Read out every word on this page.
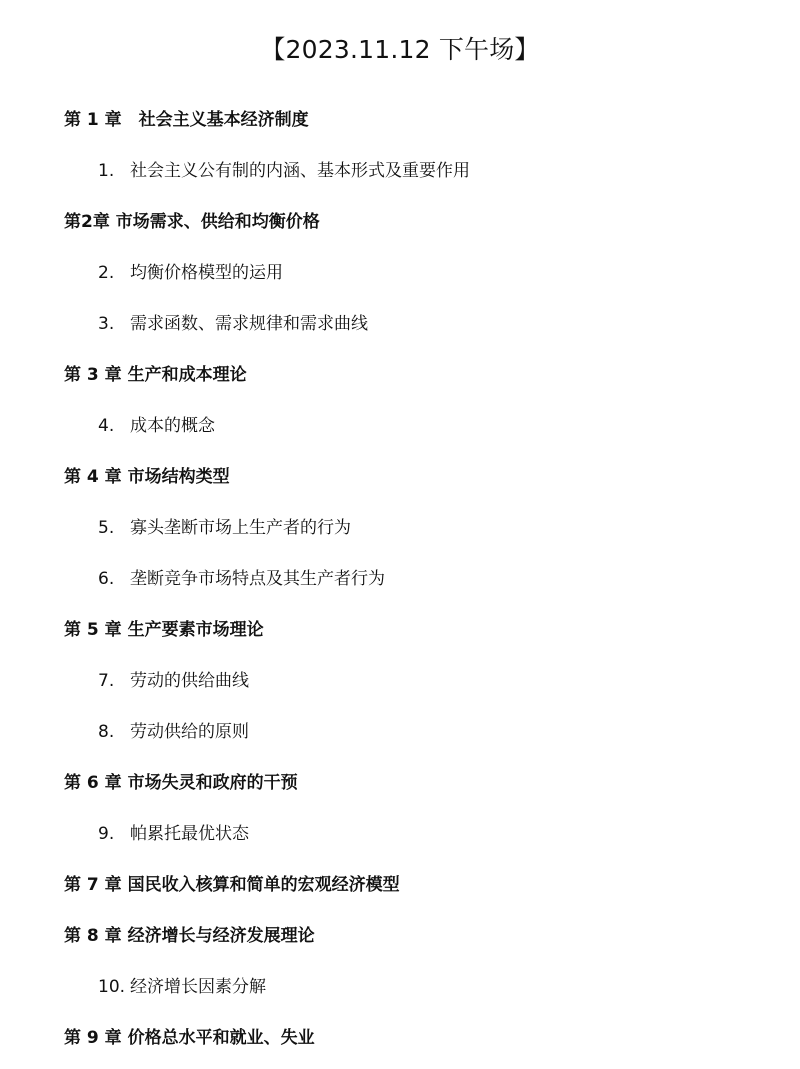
【2023.11.12 下午场】
第 1 章　社会主义基本经济制度
1. 社会主义公有制的内涵、基本形式及重要作用
第2章 市场需求、供给和均衡价格
2. 均衡价格模型的运用
3. 需求函数、需求规律和需求曲线
第 3 章 生产和成本理论
4. 成本的概念
第 4 章 市场结构类型
5. 寡头垄断市场上生产者的行为
6. 垄断竞争市场特点及其生产者行为
第 5 章 生产要素市场理论
7. 劳动的供给曲线
8. 劳动供给的原则
第 6 章 市场失灵和政府的干预
9. 帕累托最优状态
第 7 章 国民收入核算和简单的宏观经济模型
第 8 章 经济增长与经济发展理论
10. 经济增长因素分解
第 9 章 价格总水平和就业、失业
